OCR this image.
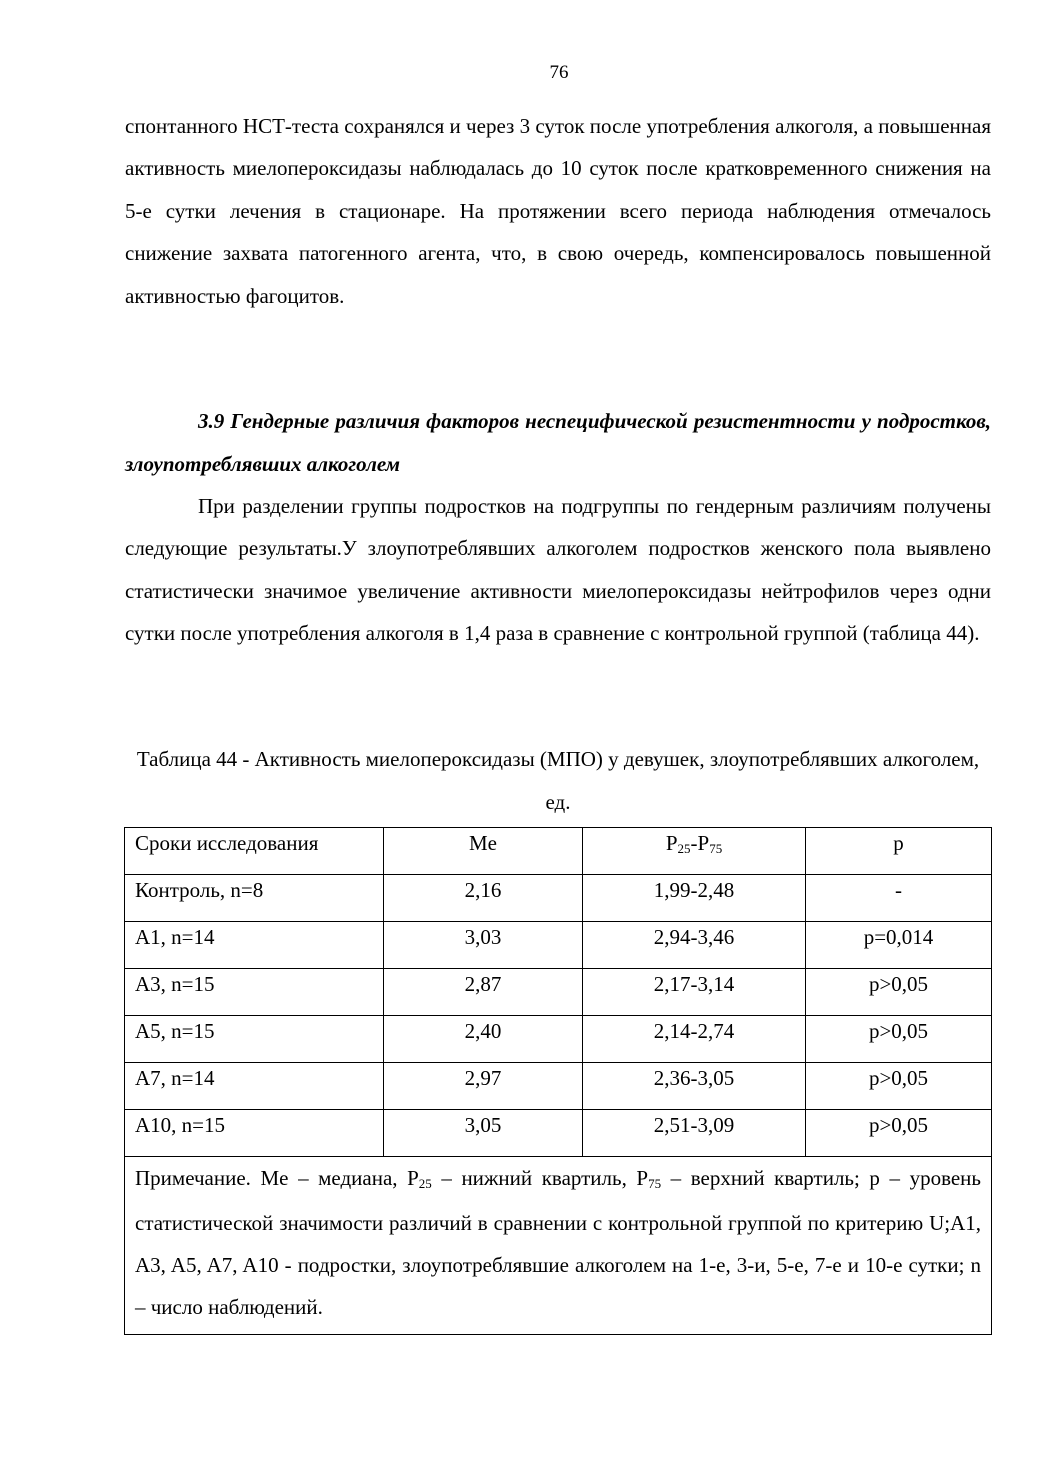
76

спонтанного НСТ-теста сохранялся и через 3 суток после употребления алкоголя, а повышенная активность миелопероксидазы наблюдалась до 10 суток после кратковременного снижения на 5-е сутки лечения в стационаре. На протяжении всего периода наблюдения отмечалось снижение захвата патогенного агента, что, в свою очередь, компенсировалось повышенной активностью фагоцитов.

3.9 Гендерные различия факторов неспецифической резистентности у подростков, злоупотреблявших алкоголем

При разделении группы подростков на подгруппы по гендерным различиям получены следующие результаты.У злоупотреблявших алкоголем подростков женского пола выявлено статистически значимое увеличение активности миелопероксидазы нейтрофилов через одни сутки после употребления алкоголя в 1,4 раза в сравнение с контрольной группой (таблица 44).

Таблица 44 - Активность миелопероксидазы (МПО) у девушек, злоупотреблявших алкоголем, ед.

Сроки исследования	Me	$P_{25}-P_{75}$	p
Контроль, n=8	2,16	1,99-2,48	-
А1, n=14	3,03	2,94-3,46	p=0,014
А3, n=15	2,87	2,17-3,14	p>0,05
А5, n=15	2,40	2,14-2,74	p>0,05
А7, n=14	2,97	2,36-3,05	p>0,05
А10, n=15	3,05	2,51-3,09	p>0,05
Примечание. Me – медиана, $P_{25}$ – нижний квартиль, $P_{75}$ – верхний квартиль; p – уровень статистической значимости различий в сравнении с контрольной группой по критерию U;A1, A3, A5, A7, A10 - подростки, злоупотреблявшие алкоголем на 1-е, 3-и, 5-е, 7-е и 10-е сутки; n – число наблюдений.			
